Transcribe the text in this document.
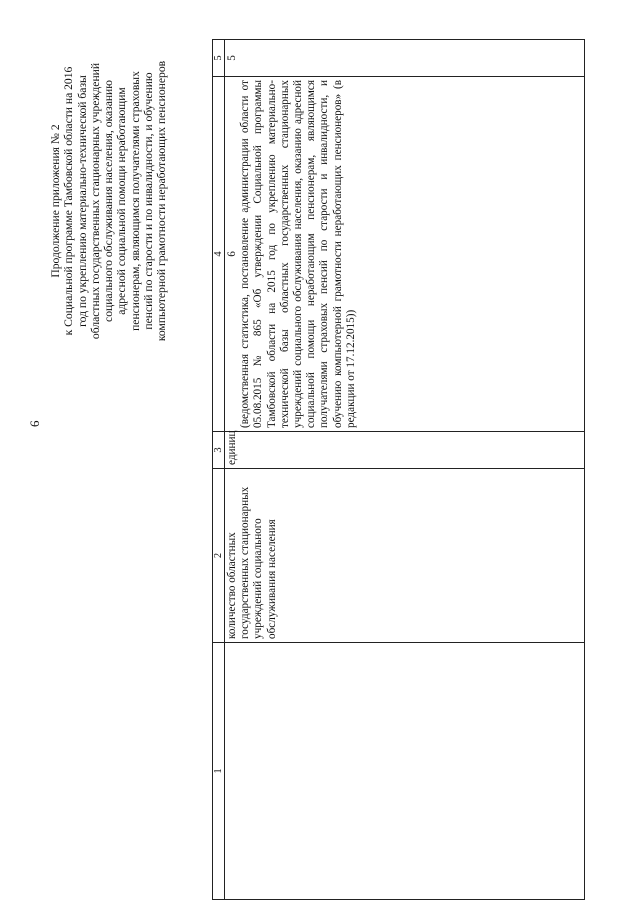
6
Продолжение приложения № 2 к Социальной программе Тамбовской области на 2016 год по укреплению материально-технической базы областных государственных стационарных учреждений социального обслуживания населения, оказанию адресной социальной помощи неработающим пенсионерам, являющимся получателями страховых пенсий по старости и по инвалидности, и обучению компьютерной грамотности неработающих пенсионеров
1	2	3	4	5
	количество областных государственных стационарных учреждений социального обслуживания населения	единиц	6 (ведомственная статистика, постановление администрации области от 05.08.2015 № 865 «Об утверждении Социальной программы Тамбовской области на 2015 год по укреплению материально-технической базы областных государственных стационарных учреждений социального обслуживания населения, оказанию адресной социальной помощи неработающим пенсионерам, являющимся получателями страховых пенсий по старости и инвалидности, и обучению компьютерной грамотности неработающих пенсионеров» (в редакции от 17.12.2015))	5
